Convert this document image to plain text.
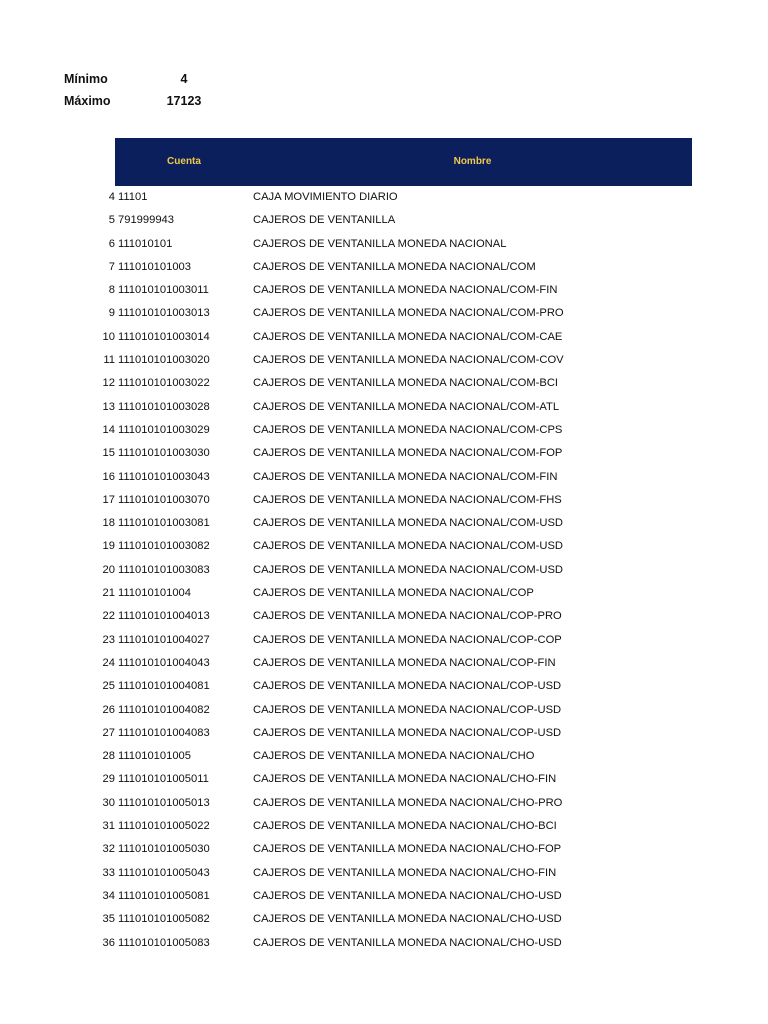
Mínimo	4
Máximo	17123
Cuenta	Nombre
4 11101	CAJA MOVIMIENTO DIARIO
5 791999943	CAJEROS DE VENTANILLA
6 111010101	CAJEROS DE VENTANILLA MONEDA NACIONAL
7 111010101003	CAJEROS DE VENTANILLA MONEDA NACIONAL/COM
8 111010101003011	CAJEROS DE VENTANILLA MONEDA NACIONAL/COM-FIN
9 111010101003013	CAJEROS DE VENTANILLA MONEDA NACIONAL/COM-PRO
10 111010101003014	CAJEROS DE VENTANILLA MONEDA NACIONAL/COM-CAE
11 111010101003020	CAJEROS DE VENTANILLA MONEDA NACIONAL/COM-COV
12 111010101003022	CAJEROS DE VENTANILLA MONEDA NACIONAL/COM-BCI
13 111010101003028	CAJEROS DE VENTANILLA MONEDA NACIONAL/COM-ATL
14 111010101003029	CAJEROS DE VENTANILLA MONEDA NACIONAL/COM-CPS
15 111010101003030	CAJEROS DE VENTANILLA MONEDA NACIONAL/COM-FOP
16 111010101003043	CAJEROS DE VENTANILLA MONEDA NACIONAL/COM-FIN
17 111010101003070	CAJEROS DE VENTANILLA MONEDA NACIONAL/COM-FHS
18 111010101003081	CAJEROS DE VENTANILLA MONEDA NACIONAL/COM-USD
19 111010101003082	CAJEROS DE VENTANILLA MONEDA NACIONAL/COM-USD
20 111010101003083	CAJEROS DE VENTANILLA MONEDA NACIONAL/COM-USD
21 111010101004	CAJEROS DE VENTANILLA MONEDA NACIONAL/COP
22 111010101004013	CAJEROS DE VENTANILLA MONEDA NACIONAL/COP-PRO
23 111010101004027	CAJEROS DE VENTANILLA MONEDA NACIONAL/COP-COP
24 111010101004043	CAJEROS DE VENTANILLA MONEDA NACIONAL/COP-FIN
25 111010101004081	CAJEROS DE VENTANILLA MONEDA NACIONAL/COP-USD
26 111010101004082	CAJEROS DE VENTANILLA MONEDA NACIONAL/COP-USD
27 111010101004083	CAJEROS DE VENTANILLA MONEDA NACIONAL/COP-USD
28 111010101005	CAJEROS DE VENTANILLA MONEDA NACIONAL/CHO
29 111010101005011	CAJEROS DE VENTANILLA MONEDA NACIONAL/CHO-FIN
30 111010101005013	CAJEROS DE VENTANILLA MONEDA NACIONAL/CHO-PRO
31 111010101005022	CAJEROS DE VENTANILLA MONEDA NACIONAL/CHO-BCI
32 111010101005030	CAJEROS DE VENTANILLA MONEDA NACIONAL/CHO-FOP
33 111010101005043	CAJEROS DE VENTANILLA MONEDA NACIONAL/CHO-FIN
34 111010101005081	CAJEROS DE VENTANILLA MONEDA NACIONAL/CHO-USD
35 111010101005082	CAJEROS DE VENTANILLA MONEDA NACIONAL/CHO-USD
36 111010101005083	CAJEROS DE VENTANILLA MONEDA NACIONAL/CHO-USD
